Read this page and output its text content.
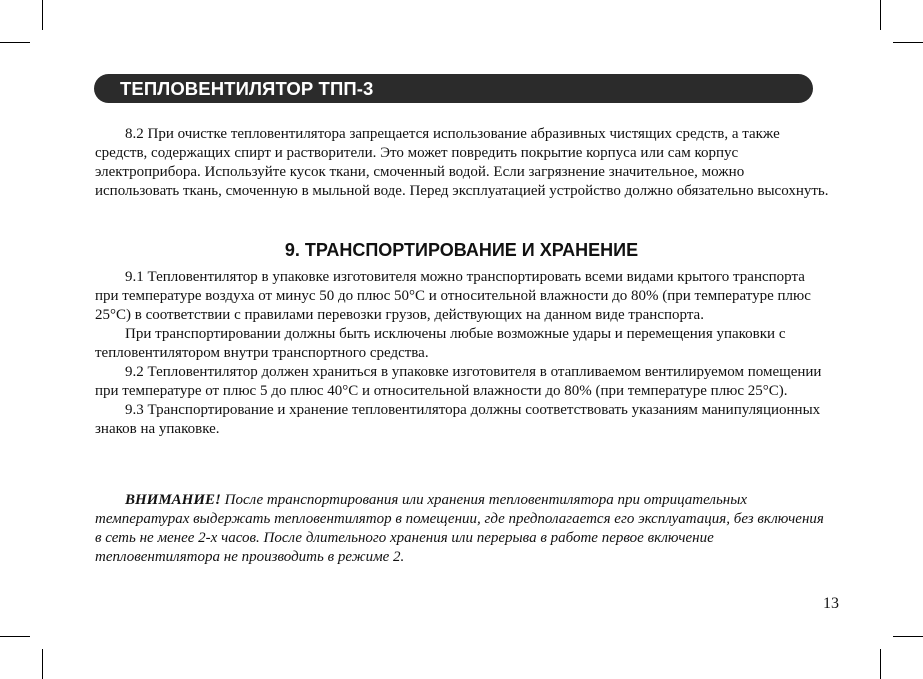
ТЕПЛОВЕНТИЛЯТОР ТПП-3

8.2 При очистке тепловентилятора запрещается использование абразивных чистящих средств, а также средств, содержащих спирт и растворители. Это может повредить покрытие корпуса или сам корпус электроприбора. Используйте кусок ткани, смоченный водой. Если загрязнение значительное, можно использовать ткань, смоченную в мыльной воде. Перед эксплуатацией устройство должно обязательно высохнуть.

9. ТРАНСПОРТИРОВАНИЕ И ХРАНЕНИЕ

9.1 Тепловентилятор в упаковке изготовителя можно транспортировать всеми видами крытого транспорта при температуре воздуха от минус 50 до плюс 50°С и относительной влажности до 80% (при температуре плюс 25°С) в соответствии с правилами перевозки грузов, действующих на данном виде транспорта.

При транспортировании должны быть исключены любые возможные удары и перемещения упаковки с тепловентилятором внутри транспортного средства.

9.2 Тепловентилятор должен храниться в упаковке изготовителя в отапливаемом вентилируемом помещении при температуре от плюс 5 до плюс 40°С и относительной влажности до 80% (при температуре плюс 25°С).

9.3 Транспортирование и хранение тепловентилятора должны соответствовать указаниям манипуляционных знаков на упаковке.

ВНИМАНИЕ! После транспортирования или хранения тепловентилятора при отрицательных температурах выдержать тепловентилятор в помещении, где предполагается его эксплуатация, без включения в сеть не менее 2-х часов. После длительного хранения или перерыва в работе первое включение тепловентилятора не производить в режиме 2.

13
